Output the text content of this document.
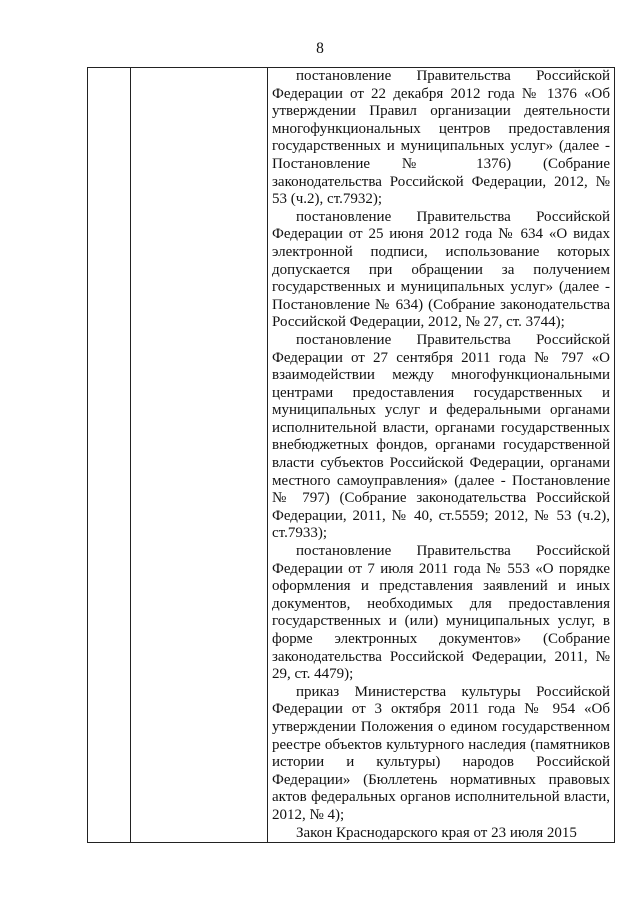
8

постановление Правительства Российской Федерации от 22 декабря 2012 года № 1376 «Об утверждении Правил организации деятельности многофункциональных центров предоставления государственных и муниципальных услуг» (далее - Постановление № 1376) (Собрание законодательства Российской Федерации, 2012, № 53 (ч.2), ст.7932);

постановление Правительства Российской Федерации от 25 июня 2012 года № 634 «О видах электронной подписи, использование которых допускается при обращении за получением государственных и муниципальных услуг» (далее - Постановление № 634) (Собрание законодательства Российской Федерации, 2012, № 27, ст. 3744);

постановление Правительства Российской Федерации от 27 сентября 2011 года № 797 «О взаимодействии между многофункциональными центрами предоставления государственных и муниципальных услуг и федеральными органами исполнительной власти, органами государственных внебюджетных фондов, органами государственной власти субъектов Российской Федерации, органами местного самоуправления» (далее - Постановление № 797) (Собрание законодательства Российской Федерации, 2011, № 40, ст.5559; 2012, № 53 (ч.2), ст.7933);

постановление Правительства Российской Федерации от 7 июля 2011 года № 553 «О порядке оформления и представления заявлений и иных документов, необходимых для предоставления государственных и (или) муниципальных услуг, в форме электронных документов» (Собрание законодательства Российской Федерации, 2011, № 29, ст. 4479);

приказ Министерства культуры Российской Федерации от 3 октября 2011 года № 954 «Об утверждении Положения о едином государственном реестре объектов культурного наследия (памятников истории и культуры) народов Российской Федерации» (Бюллетень нормативных правовых актов федеральных органов исполнительной власти, 2012, № 4);

Закон Краснодарского края от 23 июля 2015
